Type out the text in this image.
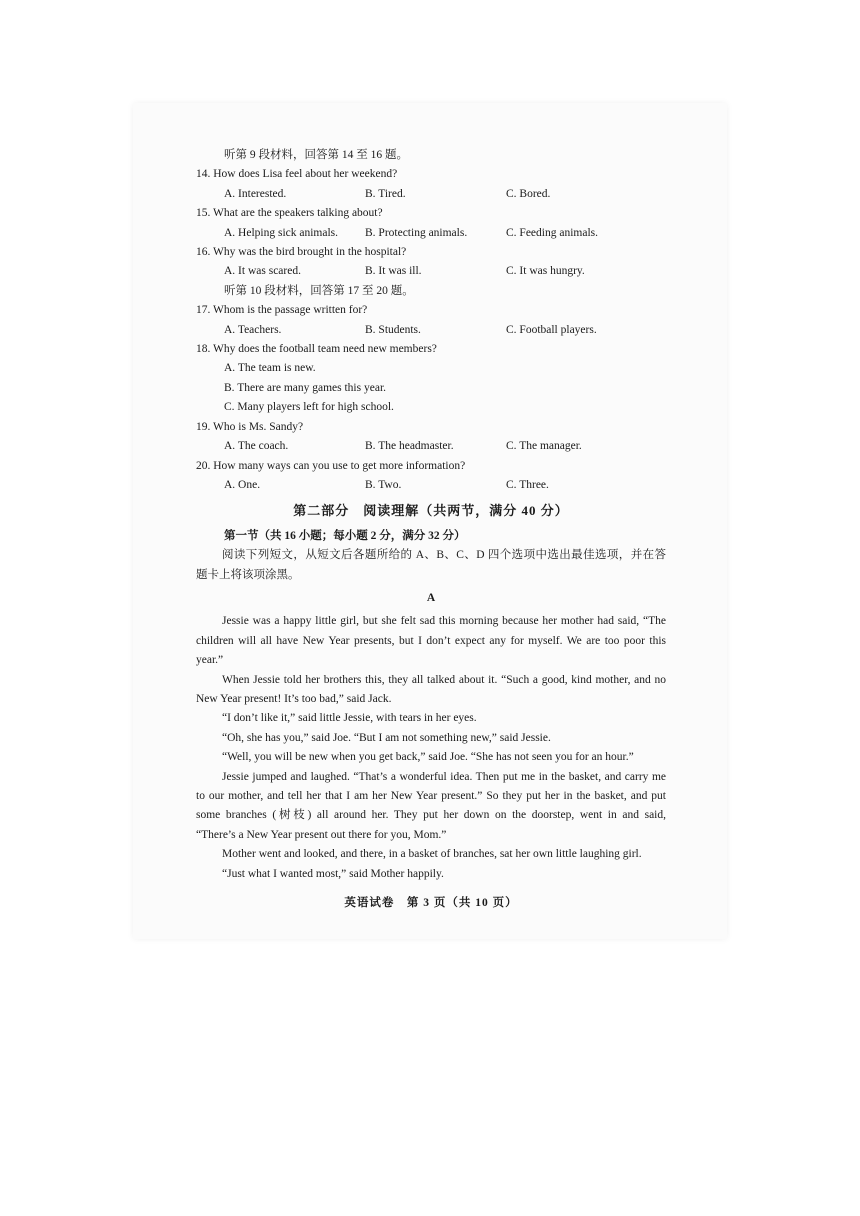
听第 9 段材料，回答第 14 至 16 题。
14. How does Lisa feel about her weekend?
A. Interested.	B. Tired.	C. Bored.
15. What are the speakers talking about?
A. Helping sick animals.	B. Protecting animals.	C. Feeding animals.
16. Why was the bird brought in the hospital?
A. It was scared.	B. It was ill.	C. It was hungry.
听第 10 段材料，回答第 17 至 20 题。
17. Whom is the passage written for?
A. Teachers.	B. Students.	C. Football players.
18. Why does the football team need new members?
A. The team is new.
B. There are many games this year.
C. Many players left for high school.
19. Who is Ms. Sandy?
A. The coach.	B. The headmaster.	C. The manager.
20. How many ways can you use to get more information?
A. One.	B. Two.	C. Three.
第二部分　阅读理解（共两节，满分 40 分）
第一节（共 16 小题；每小题 2 分，满分 32 分）
阅读下列短文，从短文后各题所给的 A、B、C、D 四个选项中选出最佳选项，并在答
题卡上将该项涂黑。
A
Jessie was a happy little girl, but she felt sad this morning because her mother had said, “The
children will all have New Year presents, but I don’t expect any for myself. We are too poor this
year.”
When Jessie told her brothers this, they all talked about it. “Such a good, kind mother, and no
New Year present! It’s too bad,” said Jack.
“I don’t like it,” said little Jessie, with tears in her eyes.
“Oh, she has you,” said Joe. “But I am not something new,” said Jessie.
“Well, you will be new when you get back,” said Joe. “She has not seen you for an hour.”
Jessie jumped and laughed. “That’s a wonderful idea. Then put me in the basket, and carry me
to our mother, and tell her that I am her New Year present.” So they put her in the basket, and put
some branches (树枝) all around her. They put her down on the doorstep, went in and said,
“There’s a New Year present out there for you, Mom.”
Mother went and looked, and there, in a basket of branches, sat her own little laughing girl.
“Just what I wanted most,” said Mother happily.
英语试卷　第 3 页（共 10 页）
